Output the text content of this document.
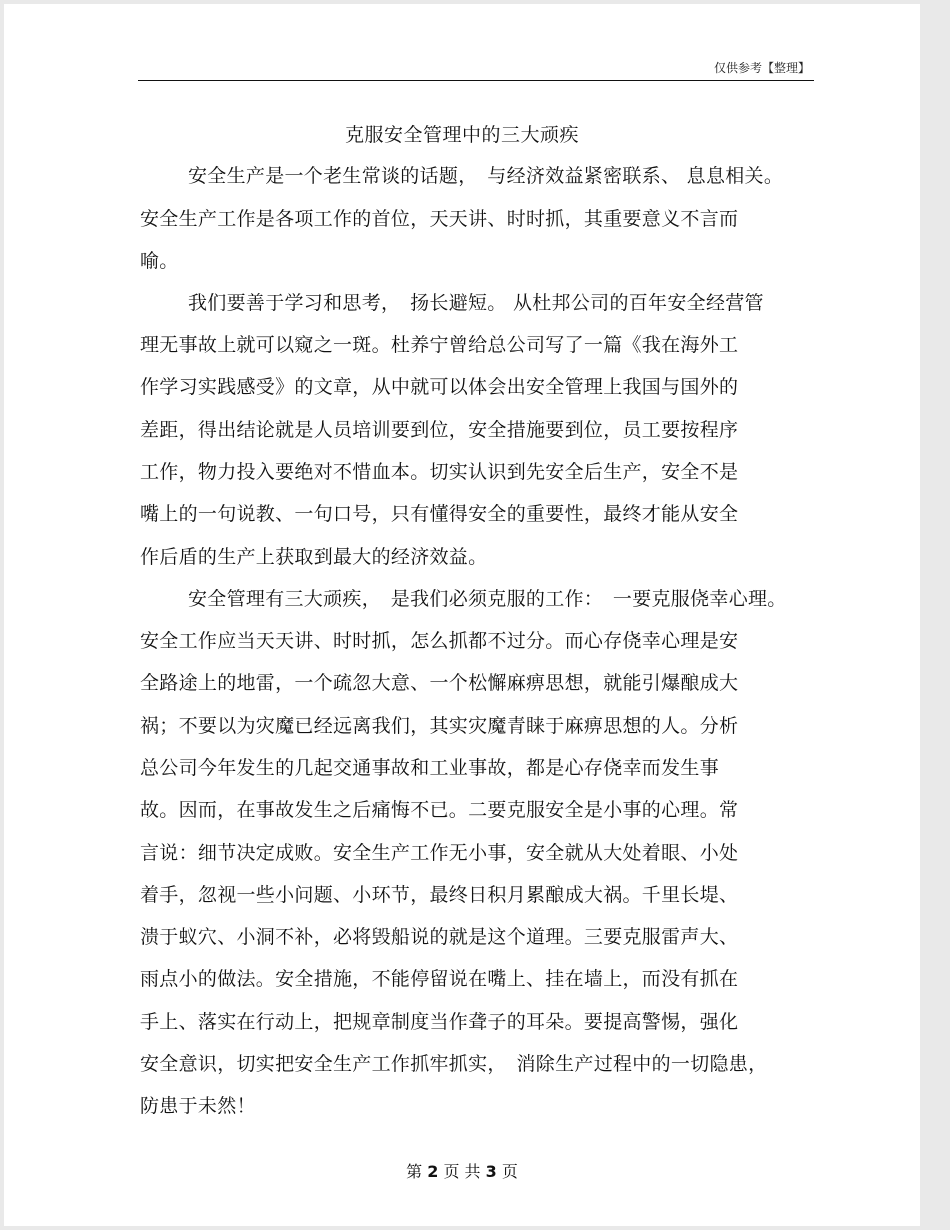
仅供参考【整理】
克服安全管理中的三大顽疾
安全生产是一个老生常谈的话题，　与经济效益紧密联系、 息息相关。
安全生产工作是各项工作的首位，天天讲、时时抓，其重要意义不言而
喻。
我们要善于学习和思考，　扬长避短。 从杜邦公司的百年安全经营管
理无事故上就可以窥之一斑。杜养宁曾给总公司写了一篇《我在海外工
作学习实践感受》的文章，从中就可以体会出安全管理上我国与国外的
差距，得出结论就是人员培训要到位，安全措施要到位，员工要按程序
工作，物力投入要绝对不惜血本。切实认识到先安全后生产，安全不是
嘴上的一句说教、一句口号，只有懂得安全的重要性，最终才能从安全
作后盾的生产上获取到最大的经济效益。
安全管理有三大顽疾，　是我们必须克服的工作：　一要克服侥幸心理。
安全工作应当天天讲、时时抓，怎么抓都不过分。而心存侥幸心理是安
全路途上的地雷，一个疏忽大意、一个松懈麻痹思想，就能引爆酿成大
祸；不要以为灾魔已经远离我们，其实灾魔青睐于麻痹思想的人。分析
总公司今年发生的几起交通事故和工业事故，都是心存侥幸而发生事
故。因而，在事故发生之后痛悔不已。二要克服安全是小事的心理。常
言说：细节决定成败。安全生产工作无小事，安全就从大处着眼、小处
着手，忽视一些小问题、小环节，最终日积月累酿成大祸。千里长堤、
溃于蚁穴、小洞不补，必将毁船说的就是这个道理。三要克服雷声大、
雨点小的做法。安全措施，不能停留说在嘴上、挂在墙上，而没有抓在
手上、落实在行动上，把规章制度当作聋子的耳朵。要提高警惕，强化
安全意识，切实把安全生产工作抓牢抓实，　消除生产过程中的一切隐患，
防患于未然！
第 2 页 共 3 页
